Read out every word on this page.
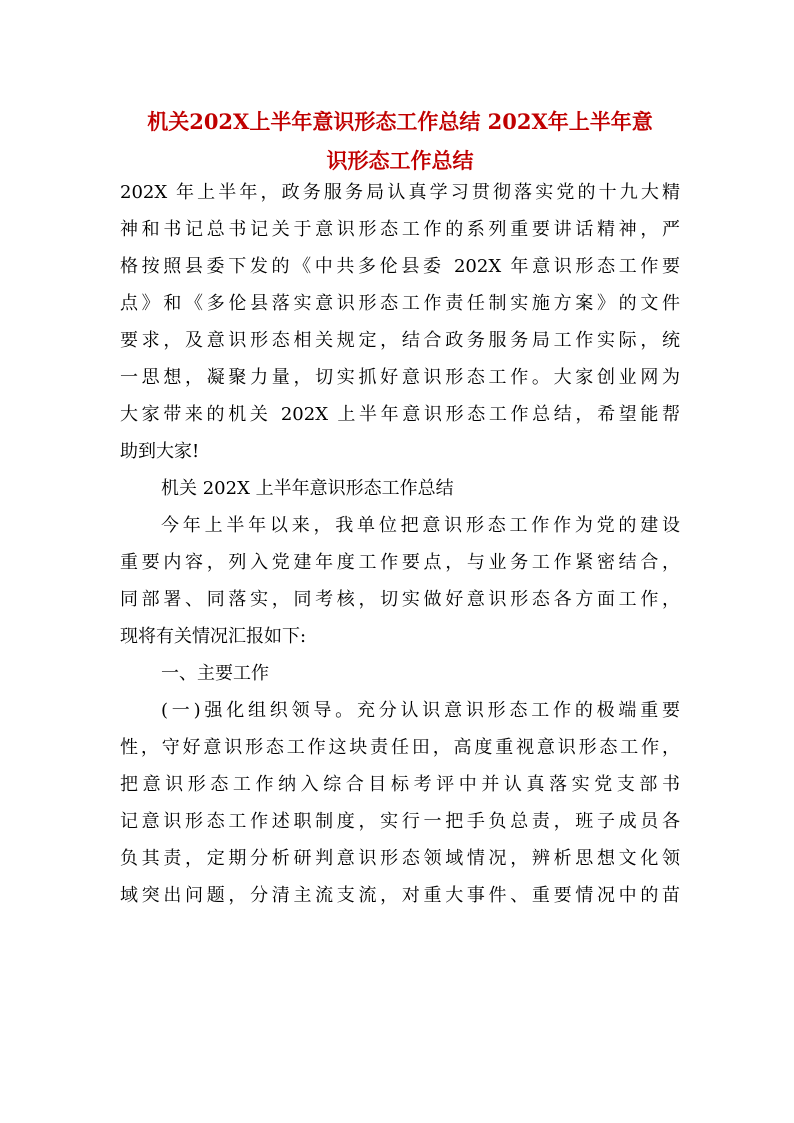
机关202X上半年意识形态工作总结 202X年上半年意
识形态工作总结
202X 年上半年，政务服务局认真学习贯彻落实党的十九大精
神和书记总书记关于意识形态工作的系列重要讲话精神，严
格按照县委下发的《中共多伦县委 202X 年意识形态工作要
点》和《多伦县落实意识形态工作责任制实施方案》的文件
要求，及意识形态相关规定，结合政务服务局工作实际，统
一思想，凝聚力量，切实抓好意识形态工作。大家创业网为
大家带来的机关 202X 上半年意识形态工作总结，希望能帮
助到大家!
机关 202X 上半年意识形态工作总结
今年上半年以来，我单位把意识形态工作作为党的建设
重要内容，列入党建年度工作要点，与业务工作紧密结合，
同部署、同落实，同考核，切实做好意识形态各方面工作，
现将有关情况汇报如下:
一、主要工作
(一)强化组织领导。充分认识意识形态工作的极端重要
性，守好意识形态工作这块责任田，高度重视意识形态工作，
把意识形态工作纳入综合目标考评中并认真落实党支部书
记意识形态工作述职制度，实行一把手负总责，班子成员各
负其责，定期分析研判意识形态领域情况，辨析思想文化领
域突出问题，分清主流支流，对重大事件、重要情况中的苗
